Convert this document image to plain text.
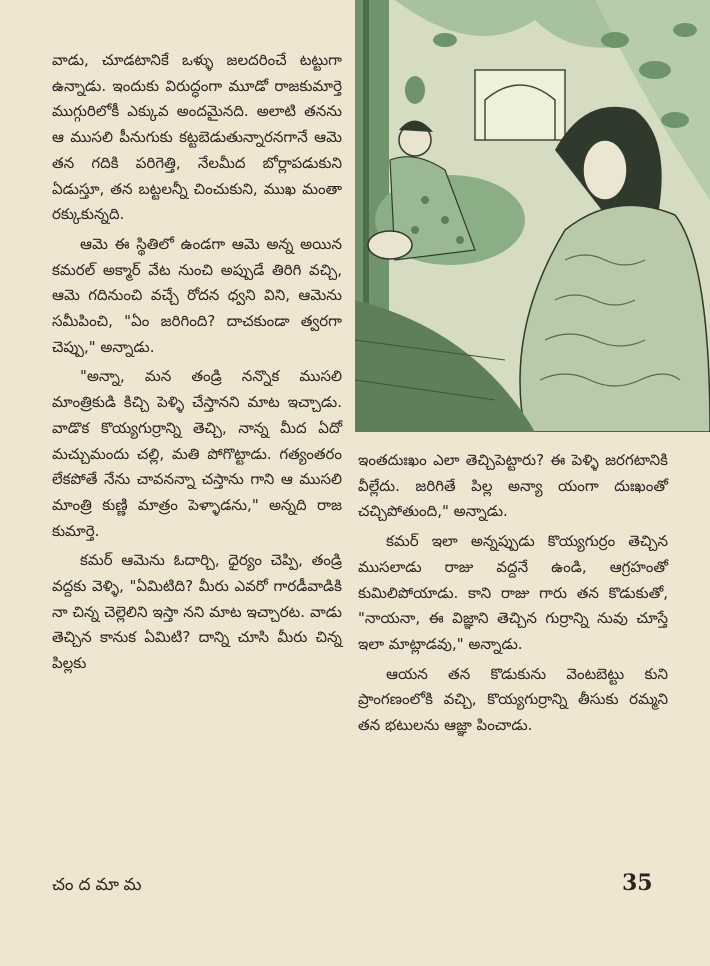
వాడు, చూడటానికే ఒళ్ళు జలదరించే టట్టుగా ఉన్నాడు. ఇందుకు విరుద్ధంగా మూడో రాజకుమార్తె ముగ్గురిలోకీ ఎక్కువ అందమైనది. అలాటి తనను ఆ ముసలి పీనుగుకు కట్టబెడుతున్నారనగానే ఆమె తన గదికి పరిగెత్తి, నేలమీద బోర్లాపడుకుని ఏడుస్తూ, తన బట్టలన్నీ చించుకుని, ముఖ మంతా రక్కుకున్నది.

ఆమె ఈ స్థితిలో ఉండగా ఆమె అన్న అయిన కమరల్ అక్మార్ వేట నుంచి అప్పుడే తిరిగి వచ్చి, ఆమె గదినుంచి వచ్చే రోదన ధ్వని విని, ఆమెను సమీపించి, "ఏం జరిగింది? దాచకుండా త్వరగా చెప్పు," అన్నాడు.

"అన్నా, మన తండ్రి నన్నొక ముసలి మాంత్రికుడి కిచ్చి పెళ్ళి చేస్తానని మాట ఇచ్చాడు. వాడొక కొయ్యగుర్రాన్ని తెచ్చి, నాన్న మీద ఏదో మచ్చుమందు చల్లి, మతి పోగొట్టాడు. గత్యంతరం లేకపోతే నేను చావనన్నా చస్తాను గాని ఆ ముసలి మాంత్రి కుణ్ణి మాత్రం పెళ్ళాడను," అన్నది రాజ కుమార్తె.

కమర్ ఆమెను ఓదార్చి, ధైర్యం చెప్పి, తండ్రి వద్దకు వెళ్ళి, "ఏమిటిది? మీరు ఎవరో గారడీవాడికి నా చిన్న చెల్లెలిని ఇస్తా నని మాట ఇచ్చారట. వాడు తెచ్చిన కానుక ఏమిటి? దాన్ని చూసి మీరు చిన్న పిల్లకు

ఇంతదుఃఖం ఎలా తెచ్చిపెట్టారు? ఈ పెళ్ళి జరగటానికి వీల్లేదు. జరిగితే పిల్ల అన్యా యంగా దుఃఖంతో చచ్చిపోతుంది," అన్నాడు.

కమర్ ఇలా అన్నప్పుడు కొయ్యగుర్రం తెచ్చిన ముసలాడు రాజు వద్దనే ఉండి, ఆగ్రహంతో కుమిలిపోయాడు. కాని రాజు గారు తన కొడుకుతో, "నాయనా, ఈ విజ్ఞాని తెచ్చిన గుర్రాన్ని నువు చూస్తే ఇలా మాట్లాడవు," అన్నాడు.

ఆయన తన కొడుకును వెంటబెట్టు కుని ప్రాంగణంలోకి వచ్చి, కొయ్యగుర్రాన్ని తీసుకు రమ్మని తన భటులను ఆజ్ఞా పించాడు.

చందమామ	35
